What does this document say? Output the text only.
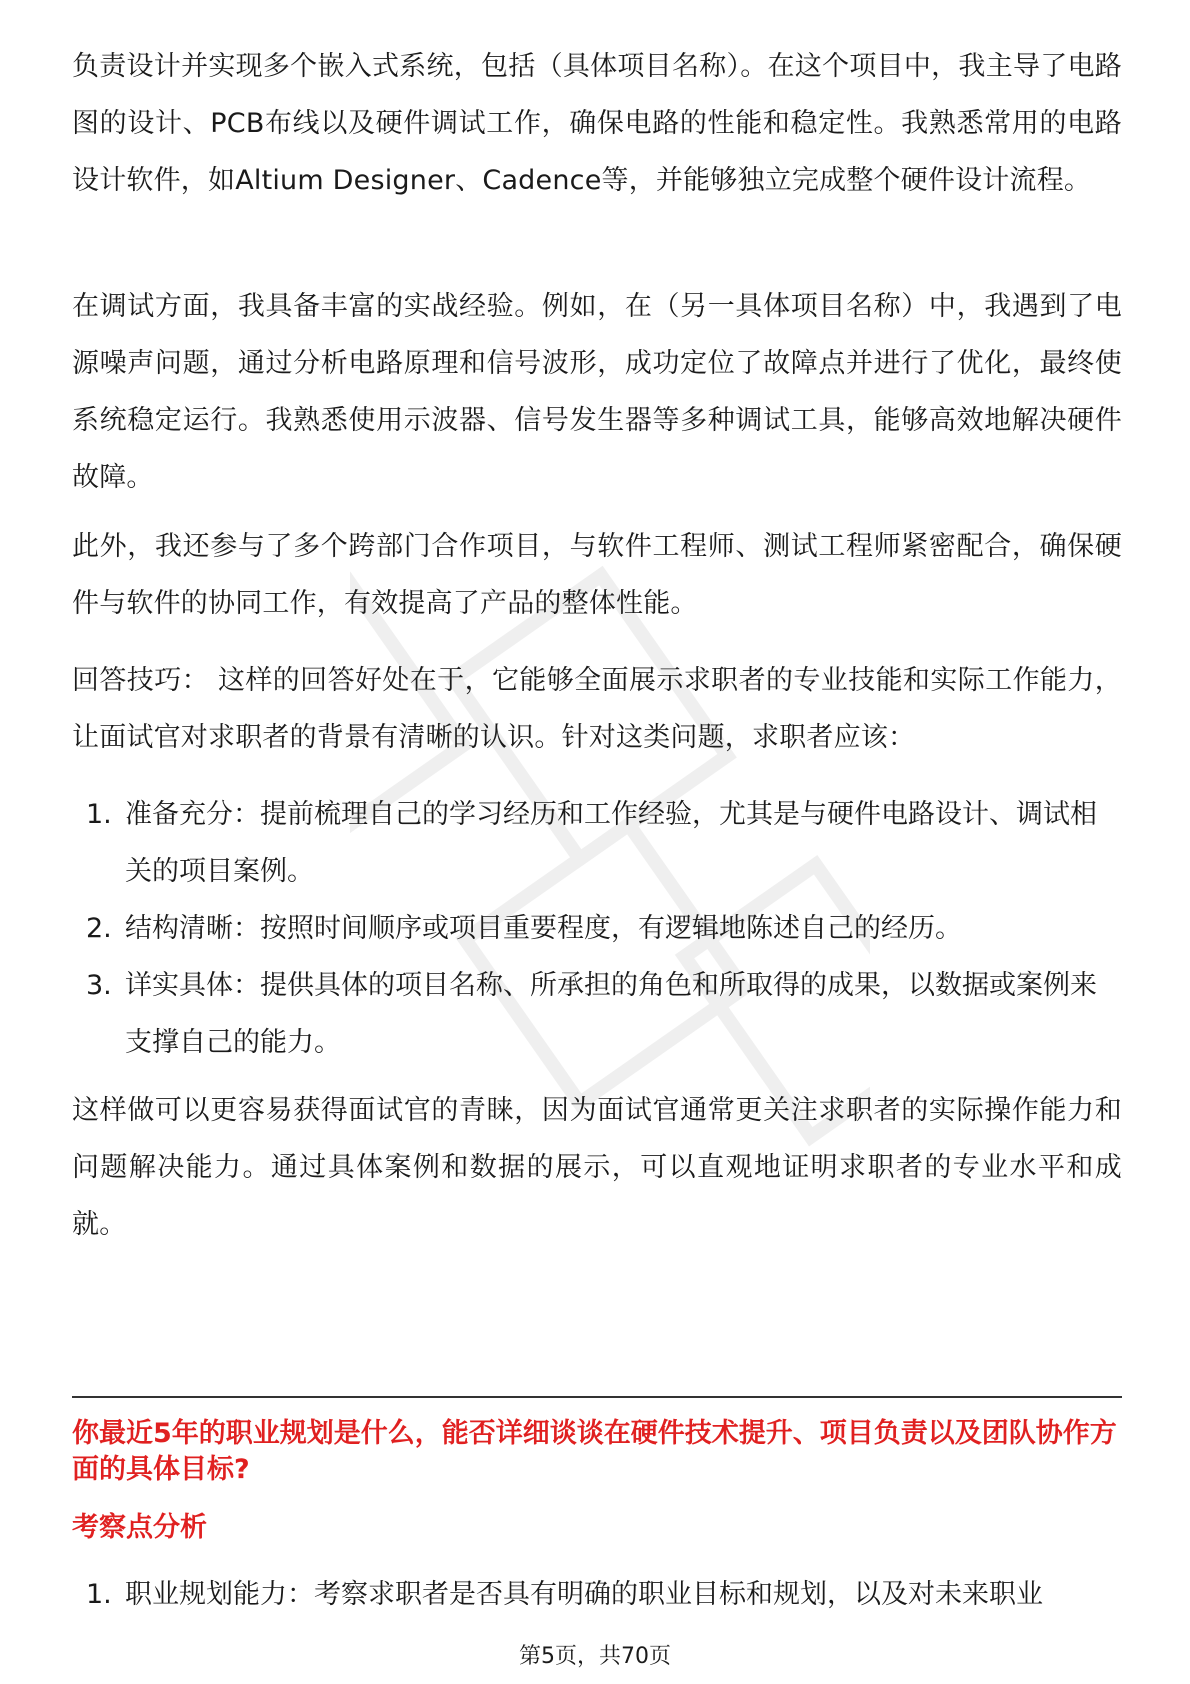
负责设计并实现多个嵌入式系统，包括（具体项目名称）。在这个项目中，我主导了电路图的设计、PCB布线以及硬件调试工作，确保电路的性能和稳定性。我熟悉常用的电路设计软件，如Altium Designer、Cadence等，并能够独立完成整个硬件设计流程。

在调试方面，我具备丰富的实战经验。例如，在（另一具体项目名称）中，我遇到了电源噪声问题，通过分析电路原理和信号波形，成功定位了故障点并进行了优化，最终使系统稳定运行。我熟悉使用示波器、信号发生器等多种调试工具，能够高效地解决硬件故障。

此外，我还参与了多个跨部门合作项目，与软件工程师、测试工程师紧密配合，确保硬件与软件的协同工作，有效提高了产品的整体性能。

回答技巧： 这样的回答好处在于，它能够全面展示求职者的专业技能和实际工作能力，让面试官对求职者的背景有清晰的认识。针对这类问题，求职者应该：

1. 准备充分：提前梳理自己的学习经历和工作经验，尤其是与硬件电路设计、调试相关的项目案例。
2. 结构清晰：按照时间顺序或项目重要程度，有逻辑地陈述自己的经历。
3. 详实具体：提供具体的项目名称、所承担的角色和所取得的成果，以数据或案例来支撑自己的能力。

这样做可以更容易获得面试官的青睐，因为面试官通常更关注求职者的实际操作能力和问题解决能力。通过具体案例和数据的展示，可以直观地证明求职者的专业水平和成就。

你最近5年的职业规划是什么，能否详细谈谈在硬件技术提升、项目负责以及团队协作方面的具体目标?

考察点分析

1. 职业规划能力：考察求职者是否具有明确的职业目标和规划，以及对未来职业
第5页，共70页
